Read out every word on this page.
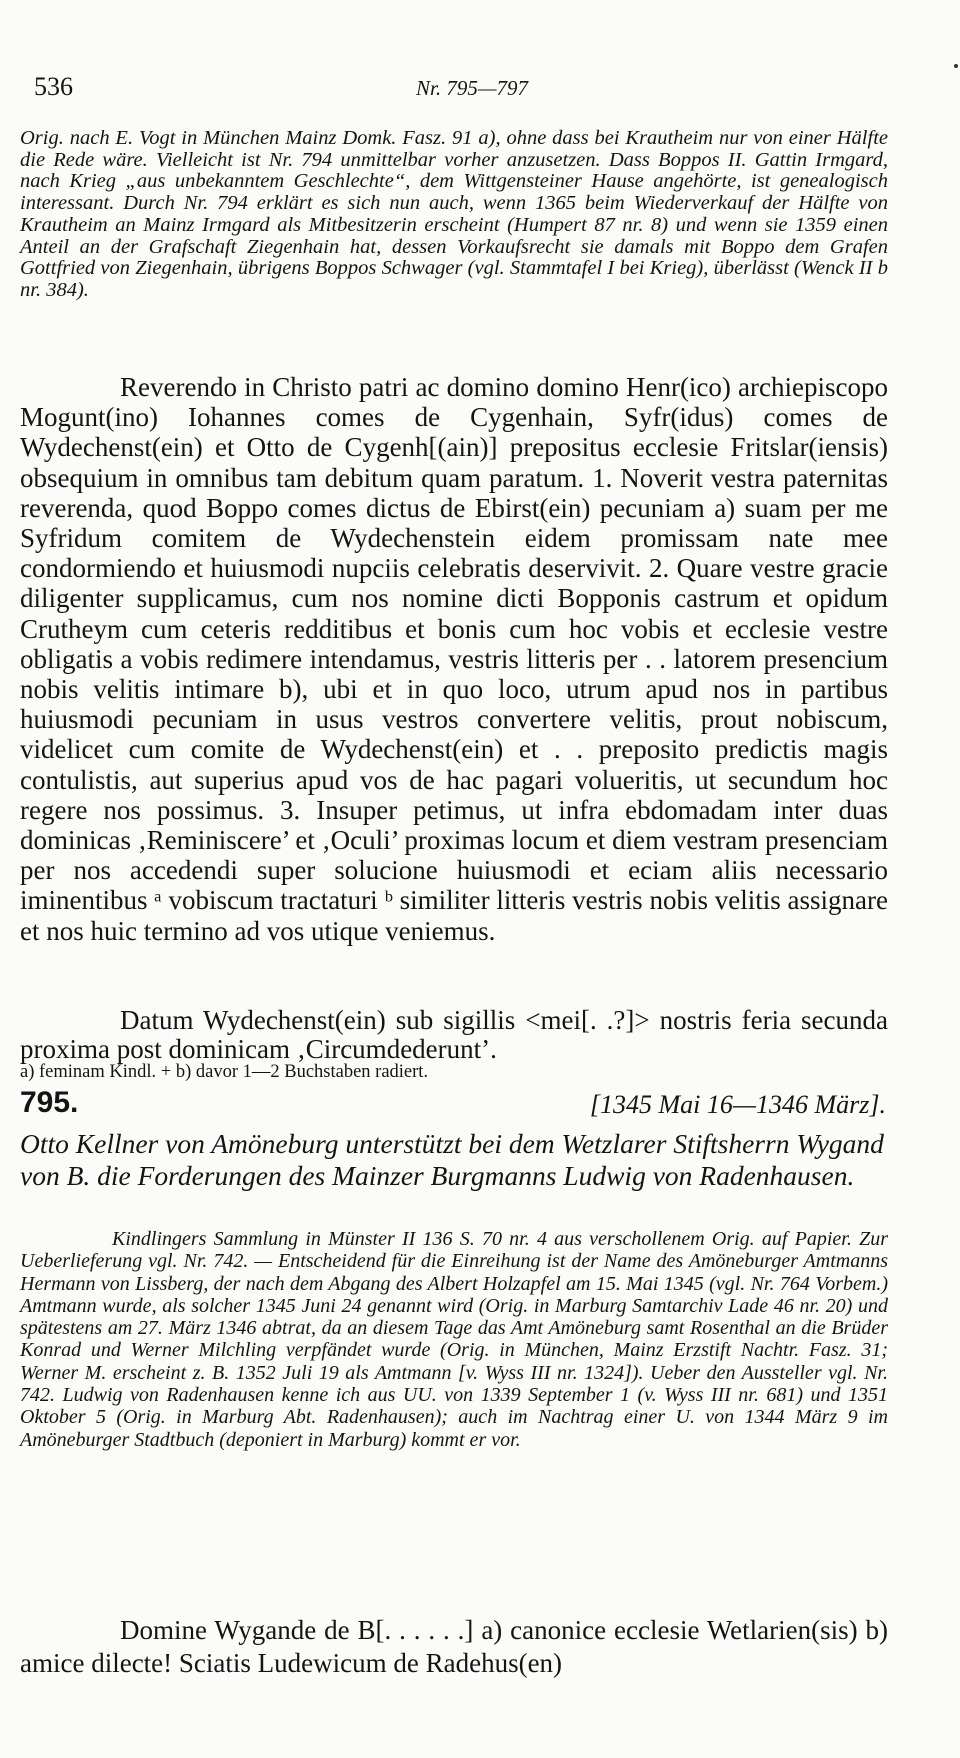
536	Nr. 795—797

Orig. nach E. Vogt in München Mainz Domk. Fasz. 91 a), ohne dass bei Krautheim nur von einer Hälfte die Rede wäre. Vielleicht ist Nr. 794 unmittelbar vorher anzusetzen. Dass Boppos II. Gattin Irmgard, nach Krieg „aus unbekanntem Geschlechte“, dem Wittgensteiner Hause angehörte, ist genealogisch interessant. Durch Nr. 794 erklärt es sich nun auch, wenn 1365 beim Wiederverkauf der Hälfte von Krautheim an Mainz Irmgard als Mitbesitzerin erscheint (Humpert 87 nr. 8) und wenn sie 1359 einen Anteil an der Grafschaft Ziegenhain hat, dessen Vorkaufsrecht sie damals mit Boppo dem Grafen Gottfried von Ziegenhain, übrigens Boppos Schwager (vgl. Stammtafel I bei Krieg), überlässt (Wenck II b nr. 384).

Reverendo in Christo patri ac domino domino Henr(ico) archiepiscopo Mogunt(ino) Iohannes comes de Cygenhain, Syfr(idus) comes de Wydechenst(ein) et Otto de Cygenh[(ain)] prepositus ecclesie Fritslar(iensis) obsequium in omnibus tam debitum quam paratum. 1. Noverit vestra paternitas reverenda, quod Boppo comes dictus de Ebirst(ein) pecuniam a) suam per me Syfridum comitem de Wydechenstein eidem promissam nate mee condormiendo et huiusmodi nupciis celebratis deservivit. 2. Quare vestre gracie diligenter supplicamus, cum nos nomine dicti Bopponis castrum et opidum Crutheym cum ceteris redditibus et bonis cum hoc vobis et ecclesie vestre obligatis a vobis redimere intendamus, vestris litteris per . . latorem presencium nobis velitis intimare b), ubi et in quo loco, utrum apud nos in partibus huiusmodi pecuniam in usus vestros convertere velitis, prout nobiscum, videlicet cum comite de Wydechenst(ein) et . . preposito predictis magis contulistis, aut superius apud vos de hac pagari volueritis, ut secundum hoc regere nos possimus. 3. Insuper petimus, ut infra ebdomadam inter duas dominicas ‚Reminiscere’ et ‚Oculi’ proximas locum et diem vestram presenciam per nos accedendi super solucione huiusmodi et eciam aliis necessario iminentibus ᵃ vobiscum tractaturi ᵇ similiter litteris vestris nobis velitis assignare et nos huic termino ad vos utique veniemus.

Datum Wydechenst(ein) sub sigillis <mei[. .?]> nostris feria secunda proxima post dominicam ‚Circumdederunt’.

a) feminam Kindl. + b) davor 1—2 Buchstaben radiert.
795.	[1345 Mai 16—1346 März].

Otto Kellner von Amöneburg unterstützt bei dem Wetzlarer Stiftsherrn Wygand von B. die Forderungen des Mainzer Burgmanns Ludwig von Radenhausen.

Kindlingers Sammlung in Münster II 136 S. 70 nr. 4 aus verschollenem Orig. auf Papier. Zur Ueberlieferung vgl. Nr. 742. — Entscheidend für die Einreihung ist der Name des Amöneburger Amtmanns Hermann von Lissberg, der nach dem Abgang des Albert Holzapfel am 15. Mai 1345 (vgl. Nr. 764 Vorbem.) Amtmann wurde, als solcher 1345 Juni 24 genannt wird (Orig. in Marburg Samtarchiv Lade 46 nr. 20) und spätestens am 27. März 1346 abtrat, da an diesem Tage das Amt Amöneburg samt Rosenthal an die Brüder Konrad und Werner Milchling verpfändet wurde (Orig. in München, Mainz Erzstift Nachtr. Fasz. 31; Werner M. erscheint z. B. 1352 Juli 19 als Amtmann [v. Wyss III nr. 1324]). Ueber den Aussteller vgl. Nr. 742. Ludwig von Radenhausen kenne ich aus UU. von 1339 September 1 (v. Wyss III nr. 681) und 1351 Oktober 5 (Orig. in Marburg Abt. Radenhausen); auch im Nachtrag einer U. von 1344 März 9 im Amöneburger Stadtbuch (deponiert in Marburg) kommt er vor.

Domine Wygande de B[. . . . . .] a) canonice ecclesie Wetlarien(sis) b) amice dilecte! Sciatis Ludewicum de Radehus(en)
